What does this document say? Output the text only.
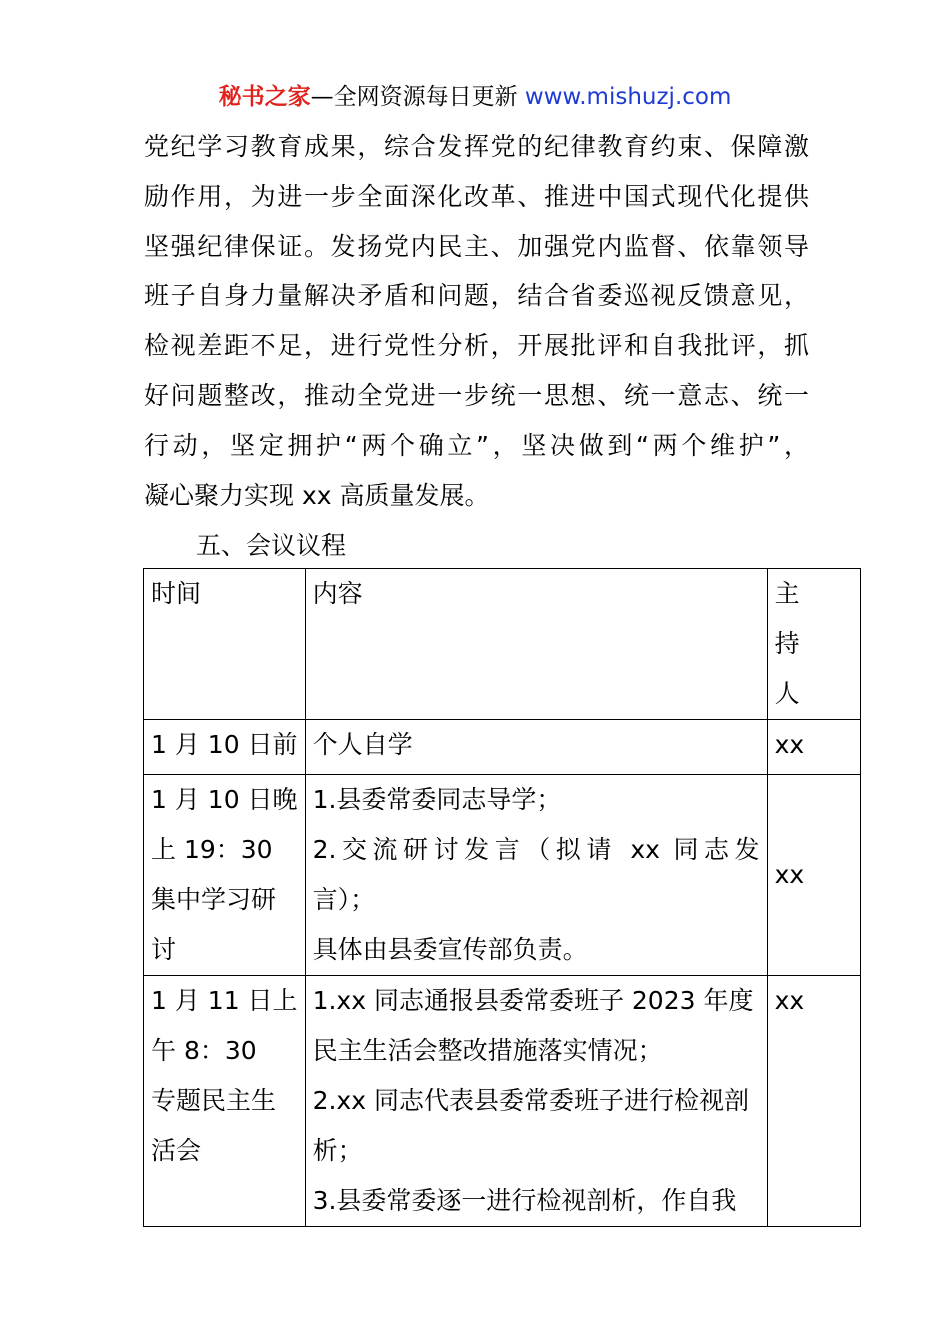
秘书之家—全网资源每日更新 www.mishuzj.com

党纪学习教育成果，综合发挥党的纪律教育约束、保障激
励作用，为进一步全面深化改革、推进中国式现代化提供
坚强纪律保证。发扬党内民主、加强党内监督、依靠领导
班子自身力量解决矛盾和问题，结合省委巡视反馈意见，
检视差距不足，进行党性分析，开展批评和自我批评，抓
好问题整改，推动全党进一步统一思想、统一意志、统一
行动，坚定拥护“两个确立”，坚决做到“两个维护”，
凝心聚力实现 xx 高质量发展。

五、会议议程
时间	内容	主　持
人

1 月 10 日前	个人自学	xx

1 月 10 日晚
上 19：30
集中学习研
讨	1.县委常委同志导学；
2.交流研讨发言（拟请 xx 同志发
言）；
具体由县委宣传部负责。	xx

1 月 11 日上
午 8：30
专题民主生
活会	1.xx 同志通报县委常委班子 2023 年度
民主生活会整改措施落实情况；
2.xx 同志代表县委常委班子进行检视剖
析；
3.县委常委逐一进行检视剖析，作自我	xx
